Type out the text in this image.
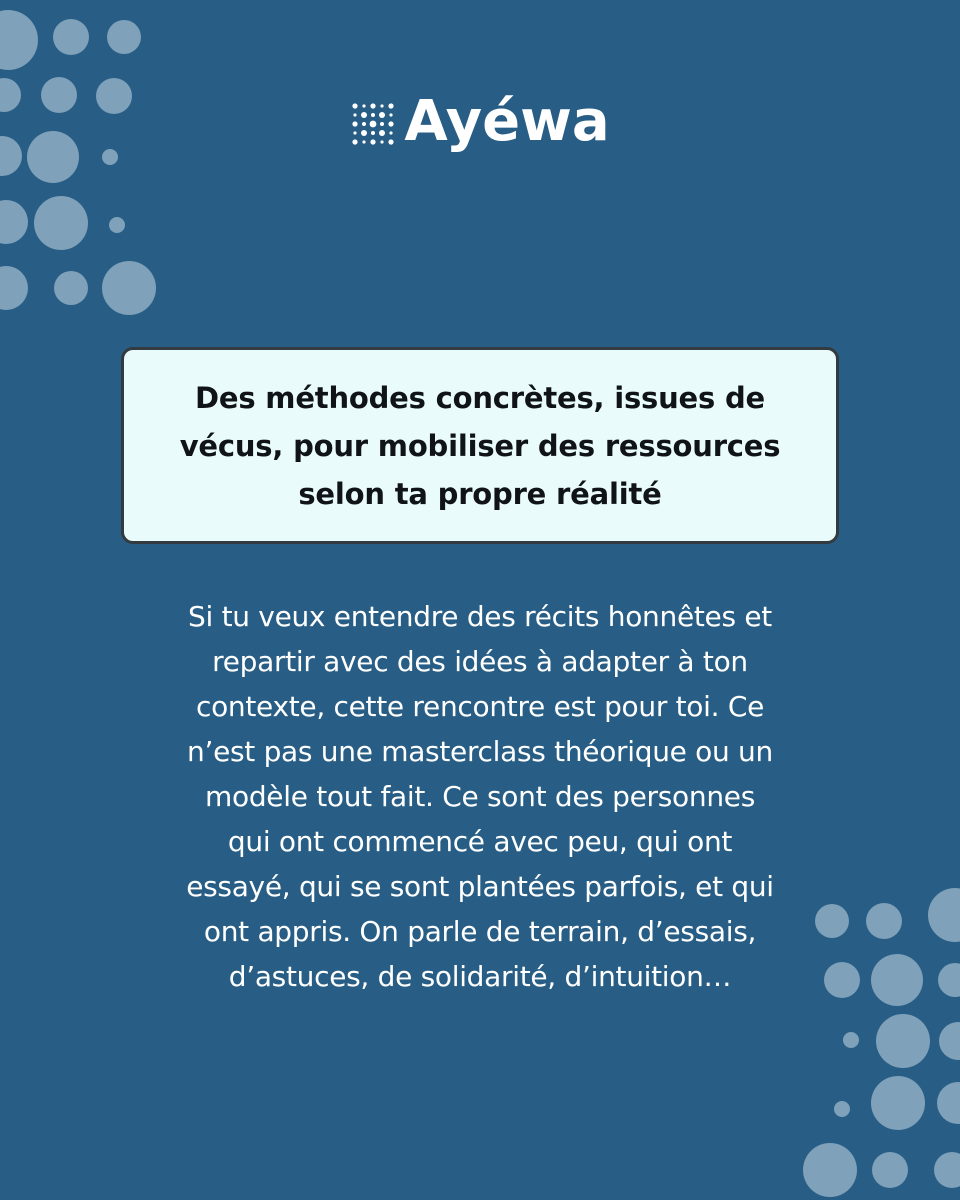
Ayéwa

Des méthodes concrètes, issues de
vécus, pour mobiliser des ressources
selon ta propre réalité

Si tu veux entendre des récits honnêtes et
repartir avec des idées à adapter à ton
contexte, cette rencontre est pour toi. Ce
n’est pas une masterclass théorique ou un
modèle tout fait. Ce sont des personnes
qui ont commencé avec peu, qui ont
essayé, qui se sont plantées parfois, et qui
ont appris. On parle de terrain, d’essais,
d’astuces, de solidarité, d’intuition…
